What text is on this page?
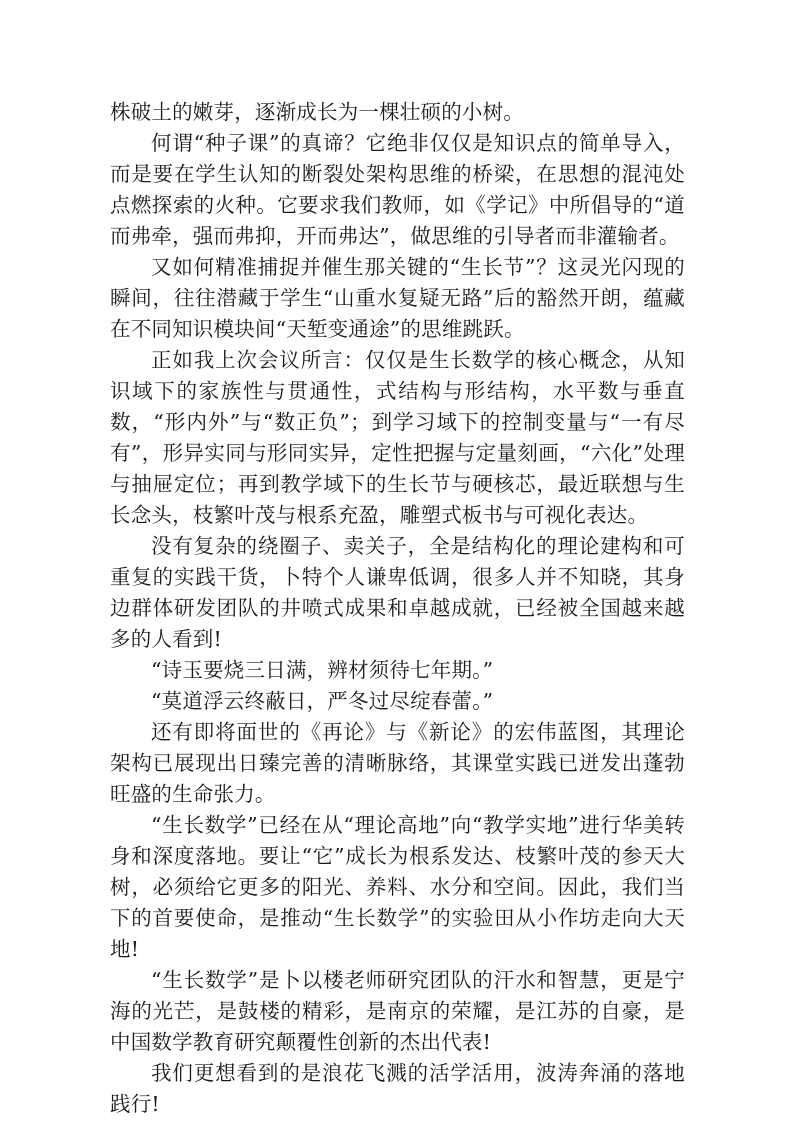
株破土的嫩芽，逐渐成长为一棵壮硕的小树。

何谓“种子课”的真谛？它绝非仅仅是知识点的简单导入，而是要在学生认知的断裂处架构思维的桥梁，在思想的混沌处点燃探索的火种。它要求我们教师，如《学记》中所倡导的“道而弗牵，强而弗抑，开而弗达”，做思维的引导者而非灌输者。

又如何精准捕捉并催生那关键的“生长节”？这灵光闪现的瞬间，往往潜藏于学生“山重水复疑无路”后的豁然开朗，蕴藏在不同知识模块间“天堑变通途”的思维跳跃。

正如我上次会议所言：仅仅是生长数学的核心概念，从知识域下的家族性与贯通性，式结构与形结构，水平数与垂直数，“形内外”与“数正负”；到学习域下的控制变量与“一有尽有”，形异实同与形同实异，定性把握与定量刻画，“六化”处理与抽屉定位；再到教学域下的生长节与硬核芯，最近联想与生长念头，枝繁叶茂与根系充盈，雕塑式板书与可视化表达。

没有复杂的绕圈子、卖关子，全是结构化的理论建构和可重复的实践干货，卜特个人谦卑低调，很多人并不知晓，其身边群体研发团队的井喷式成果和卓越成就，已经被全国越来越多的人看到!

“诗玉要烧三日满，辨材须待七年期。”

“莫道浮云终蔽日，严冬过尽绽春蕾。”

还有即将面世的《再论》与《新论》的宏伟蓝图，其理论架构已展现出日臻完善的清晰脉络，其课堂实践已迸发出蓬勃旺盛的生命张力。

“生长数学”已经在从“理论高地”向“教学实地”进行华美转身和深度落地。要让“它”成长为根系发达、枝繁叶茂的参天大树，必须给它更多的阳光、养料、水分和空间。因此，我们当下的首要使命，是推动“生长数学”的实验田从小作坊走向大天地!

“生长数学”是卜以楼老师研究团队的汗水和智慧，更是宁海的光芒，是鼓楼的精彩，是南京的荣耀，是江苏的自豪，是中国数学教育研究颠覆性创新的杰出代表!

我们更想看到的是浪花飞溅的活学活用，波涛奔涌的落地践行!
